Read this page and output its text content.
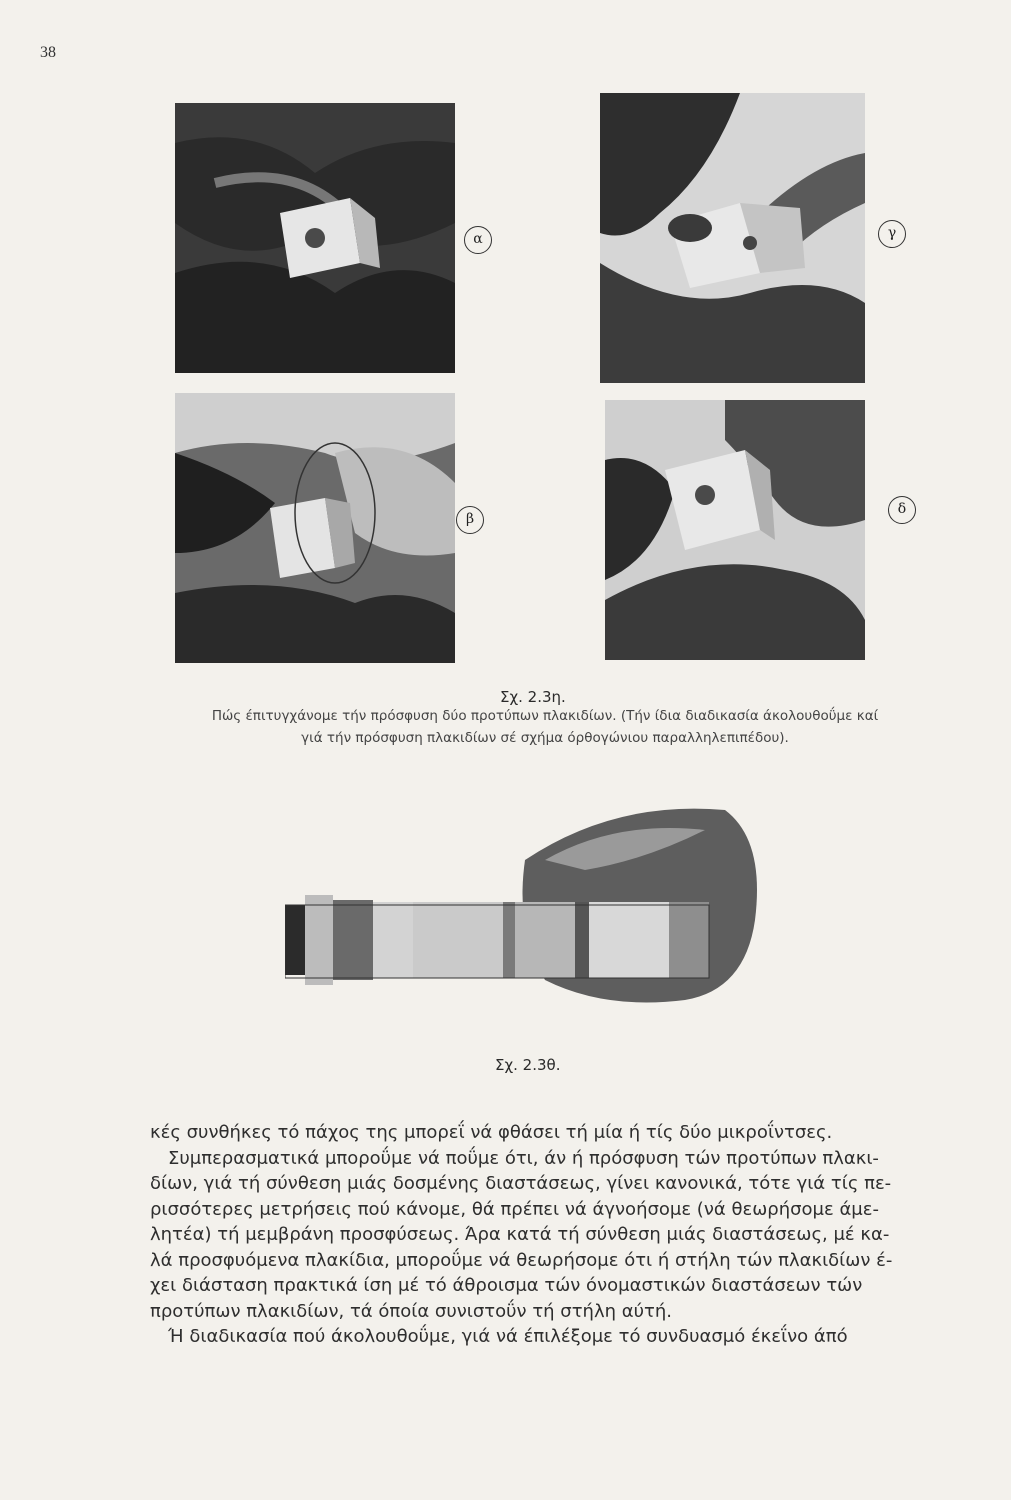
38
α	γ
β
δ
Σχ. 2.3η.
Πώς έπιτυγχάνομε τήν πρόσφυση δύο προτύπων πλακιδίων. (Τήν ίδια διαδικασία άκολουθοΰμε καί
γιά τήν πρόσφυση πλακιδίων σέ σχήμα όρθογώνιου παραλληλεπιπέδου).
Σχ. 2.3θ.
κές συνθήκες τό πάχος της μπορεΐ νά φθάσει τή μία ή τίς δύο μικροΐντσες.
Συμπερασματικά μποροΰμε νά ποΰμε ότι, άν ή πρόσφυση τών προτύπων πλακι-
δίων, γιά τή σύνθεση μιάς δοσμένης διαστάσεως, γίνει κανονικά, τότε γιά τίς πε-
ρισσότερες μετρήσεις πού κάνομε, θά πρέπει νά άγνοήσομε (νά θεωρήσομε άμε-
λητέα) τή μεμβράνη προσφύσεως. Άρα κατά τή σύνθεση μιάς διαστάσεως, μέ κα-
λά προσφυόμενα πλακίδια, μποροΰμε νά θεωρήσομε ότι ή στήλη τών πλακιδίων έ-
χει διάσταση πρακτικά ίση μέ τό άθροισμα τών όνομαστικών διαστάσεων τών
προτύπων πλακιδίων, τά όποία συνιστοΰν τή στήλη αύτή.
Ή διαδικασία πού άκολουθοΰμε, γιά νά έπιλέξομε τό συνδυασμό έκεΐνο άπό
